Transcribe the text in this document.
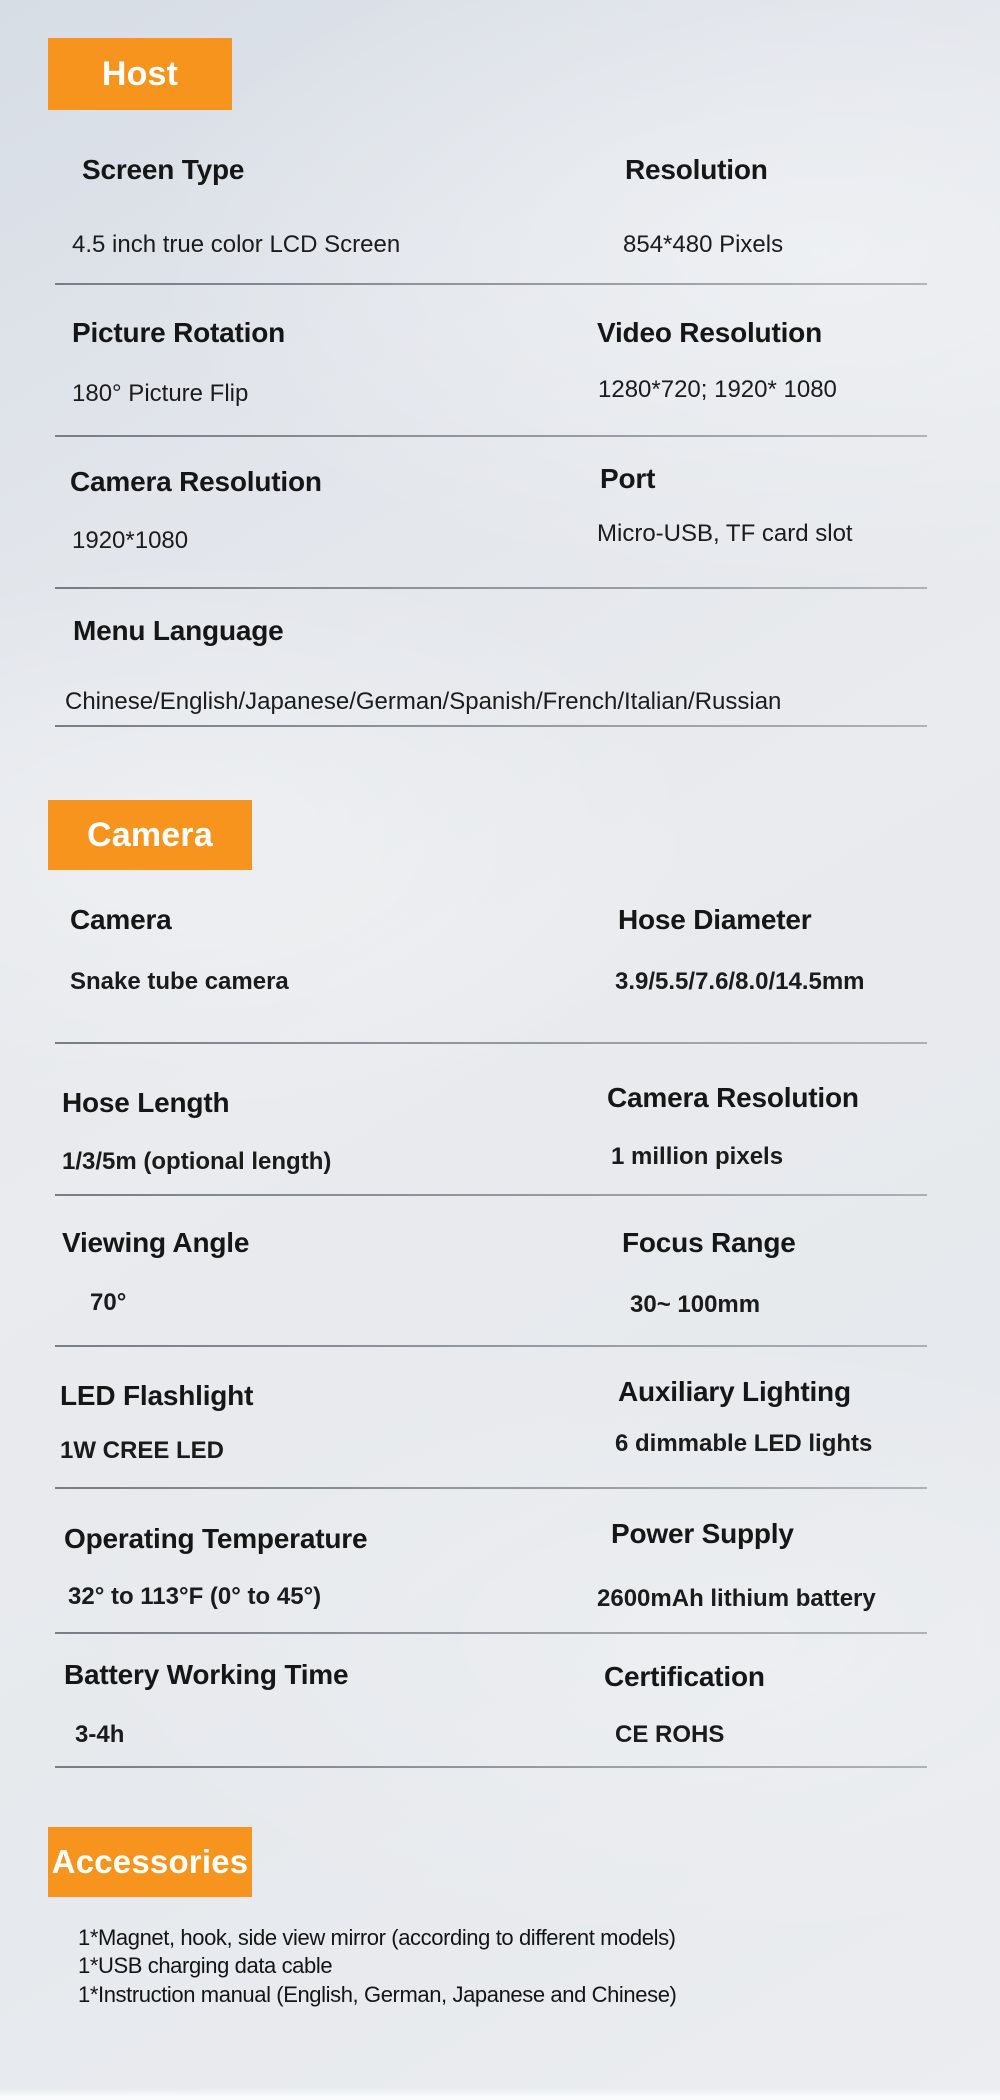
Host
Screen Type	Resolution
4.5 inch true color LCD Screen	854*480 Pixels
Picture Rotation	Video Resolution
180° Picture Flip	1280*720; 1920* 1080
Camera Resolution	Port
1920*1080	Micro-USB, TF card slot
Menu Language
Chinese/English/Japanese/German/Spanish/French/Italian/Russian
Camera
Camera	Hose Diameter
Snake tube camera	3.9/5.5/7.6/8.0/14.5mm
Hose Length	Camera Resolution
1/3/5m (optional length)	1 million pixels
Viewing Angle	Focus Range
70°	30~ 100mm
LED Flashlight	Auxiliary Lighting
1W CREE LED	6 dimmable LED lights
Operating Temperature	Power Supply
32° to 113°F (0° to 45°)	2600mAh lithium battery
Battery Working Time	Certification
3-4h	CE ROHS
Accessories
1*Magnet, hook, side view mirror (according to different models)
1*USB charging data cable
1*Instruction manual (English, German, Japanese and Chinese)
